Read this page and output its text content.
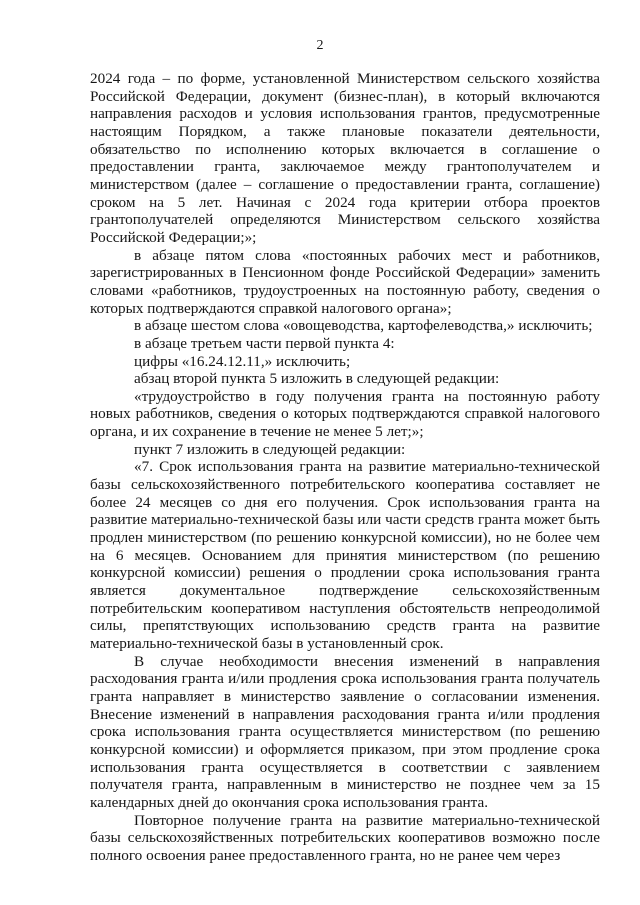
2

2024 года – по форме, установленной Министерством сельского хозяйства Российской Федерации, документ (бизнес-план), в который включаются направления расходов и условия использования грантов, предусмотренные настоящим Порядком, а также плановые показатели деятельности, обязательство по исполнению которых включается в соглашение о предоставлении гранта, заключаемое между грантополучателем и министерством (далее – соглашение о предоставлении гранта, соглашение) сроком на 5 лет. Начиная с 2024 года критерии отбора проектов грантополучателей определяются Министерством сельского хозяйства Российской Федерации;»;

в абзаце пятом слова «постоянных рабочих мест и работников, зарегистрированных в Пенсионном фонде Российской Федерации» заменить словами «работников, трудоустроенных на постоянную работу, сведения о которых подтверждаются справкой налогового органа»;

в абзаце шестом слова «овощеводства, картофелеводства,» исключить;

в абзаце третьем части первой пункта 4:

цифры «16.24.12.11,» исключить;

абзац второй пункта 5 изложить в следующей редакции:

«трудоустройство в году получения гранта на постоянную работу новых работников, сведения о которых подтверждаются справкой налогового органа, и их сохранение в течение не менее 5 лет;»;

пункт 7 изложить в следующей редакции:

«7. Срок использования гранта на развитие материально-технической базы сельскохозяйственного потребительского кооператива составляет не более 24 месяцев со дня его получения. Срок использования гранта на развитие материально-технической базы или части средств гранта может быть продлен министерством (по решению конкурсной комиссии), но не более чем на 6 месяцев. Основанием для принятия министерством (по решению конкурсной комиссии) решения о продлении срока использования гранта является документальное подтверждение сельскохозяйственным потребительским кооперативом наступления обстоятельств непреодолимой силы, препятствующих использованию средств гранта на развитие материально-технической базы в установленный срок.

В случае необходимости внесения изменений в направления расходования гранта и/или продления срока использования гранта получатель гранта направляет в министерство заявление о согласовании изменения. Внесение изменений в направления расходования гранта и/или продления срока использования гранта осуществляется министерством (по решению конкурсной комиссии) и оформляется приказом, при этом продление срока использования гранта осуществляется в соответствии с заявлением получателя гранта, направленным в министерство не позднее чем за 15 календарных дней до окончания срока использования гранта.

Повторное получение гранта на развитие материально-технической базы сельскохозяйственных потребительских кооперативов возможно после полного освоения ранее предоставленного гранта, но не ранее чем через
